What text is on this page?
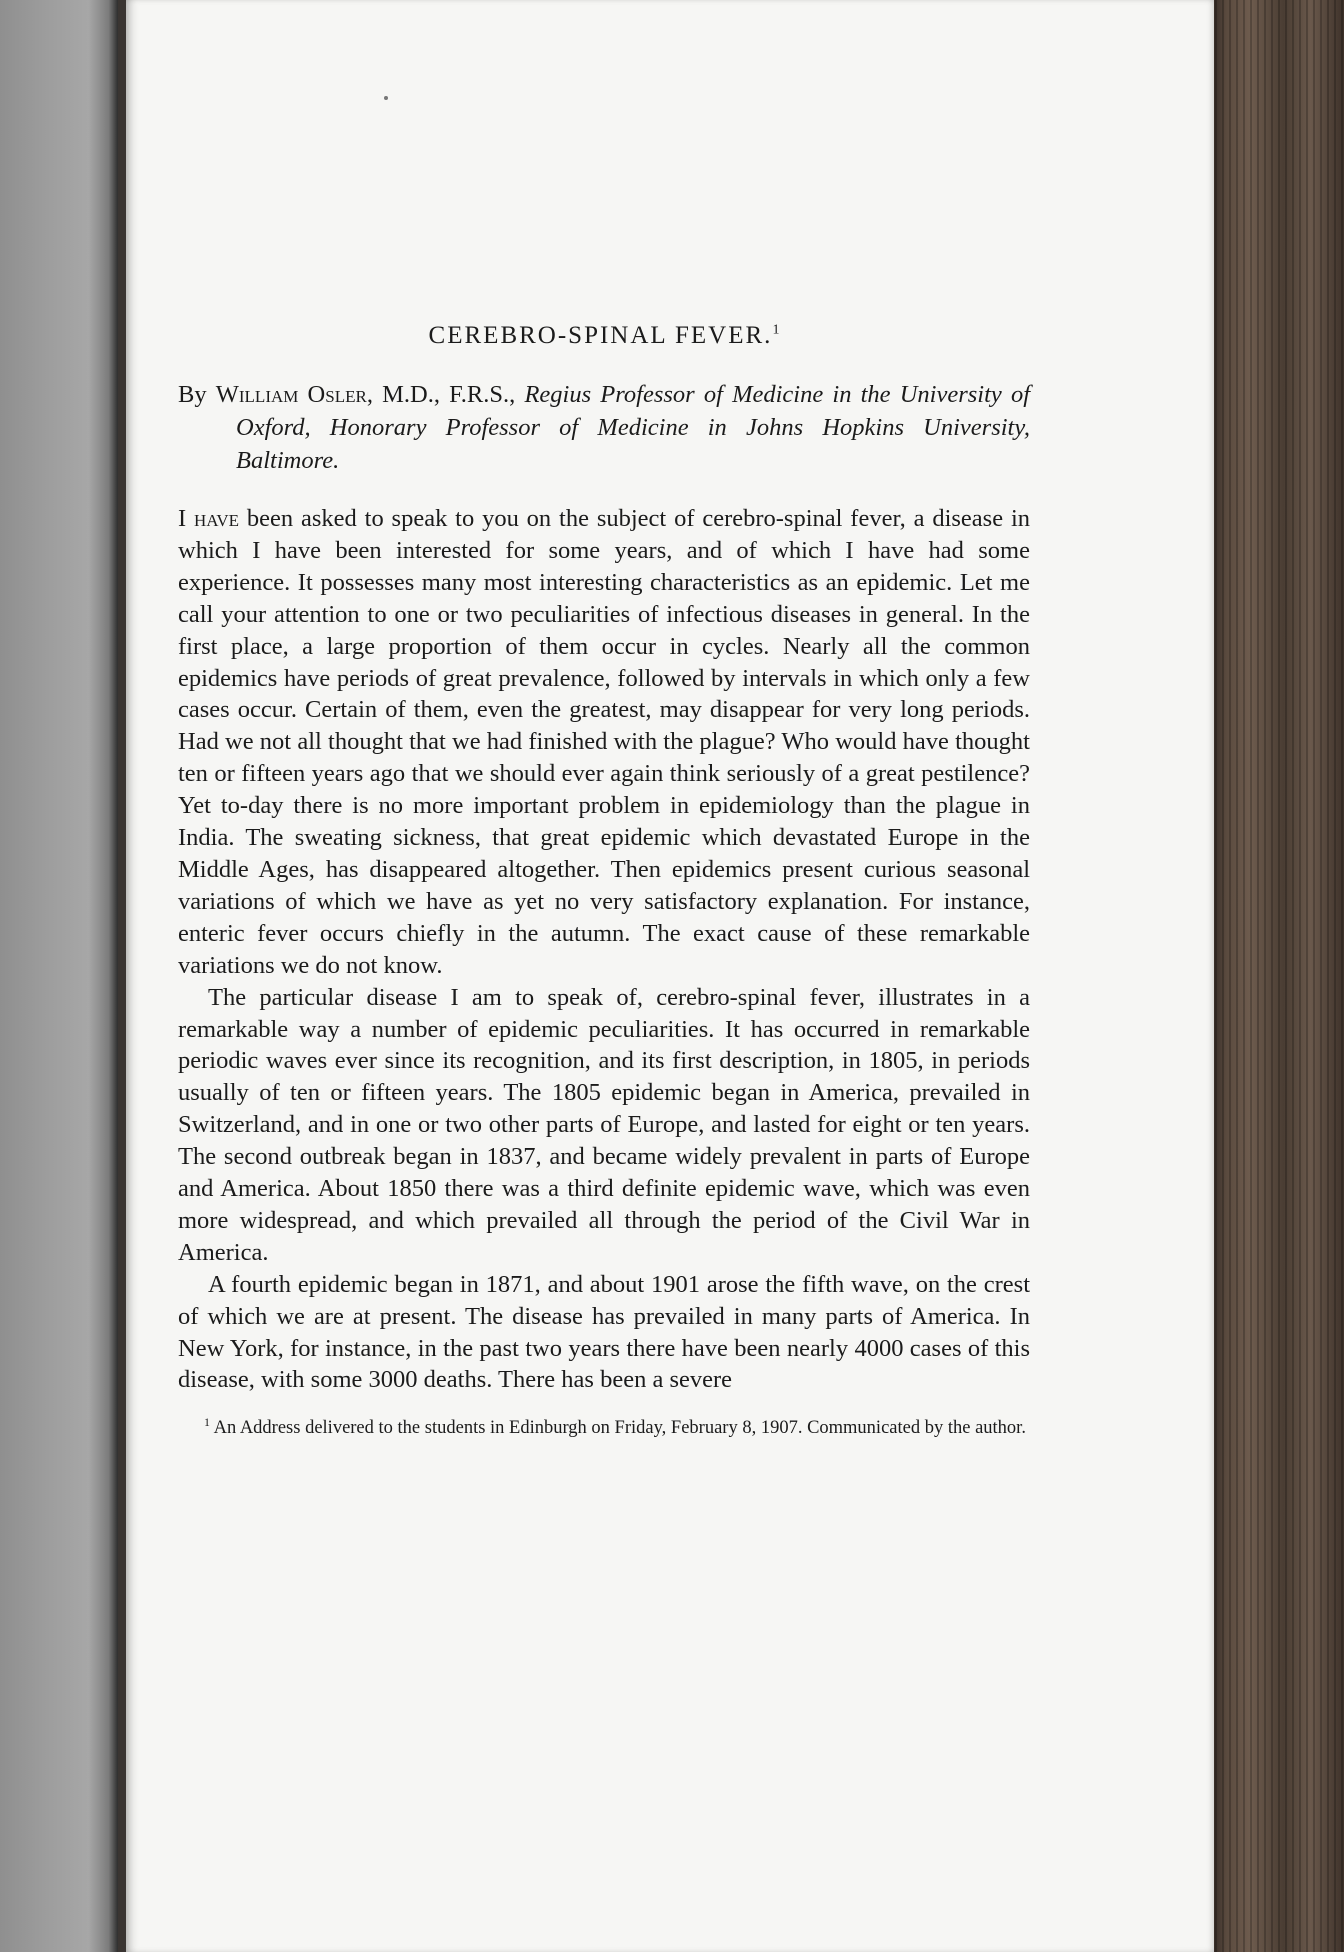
CEREBRO-SPINAL FEVER.$^1$

By William Osler, M.D., F.R.S., Regius Professor of Medicine in the University of Oxford, Honorary Professor of Medicine in Johns Hopkins University, Baltimore.

I have been asked to speak to you on the subject of cerebro-spinal fever, a disease in which I have been interested for some years, and of which I have had some experience. It possesses many most interesting characteristics as an epidemic. Let me call your attention to one or two peculiarities of infectious diseases in general. In the first place, a large proportion of them occur in cycles. Nearly all the common epidemics have periods of great prevalence, followed by intervals in which only a few cases occur. Certain of them, even the greatest, may disappear for very long periods. Had we not all thought that we had finished with the plague? Who would have thought ten or fifteen years ago that we should ever again think seriously of a great pestilence? Yet to-day there is no more important problem in epidemiology than the plague in India. The sweating sickness, that great epidemic which devastated Europe in the Middle Ages, has disappeared altogether. Then epidemics present curious seasonal variations of which we have as yet no very satisfactory explanation. For instance, enteric fever occurs chiefly in the autumn. The exact cause of these remarkable variations we do not know.

The particular disease I am to speak of, cerebro-spinal fever, illustrates in a remarkable way a number of epidemic peculiarities. It has occurred in remarkable periodic waves ever since its recognition, and its first description, in 1805, in periods usually of ten or fifteen years. The 1805 epidemic began in America, prevailed in Switzerland, and in one or two other parts of Europe, and lasted for eight or ten years. The second outbreak began in 1837, and became widely prevalent in parts of Europe and America. About 1850 there was a third definite epidemic wave, which was even more widespread, and which prevailed all through the period of the Civil War in America.

A fourth epidemic began in 1871, and about 1901 arose the fifth wave, on the crest of which we are at present. The disease has prevailed in many parts of America. In New York, for instance, in the past two years there have been nearly 4000 cases of this disease, with some 3000 deaths. There has been a severe

$^1$ An Address delivered to the students in Edinburgh on Friday, February 8, 1907. Communicated by the author.
